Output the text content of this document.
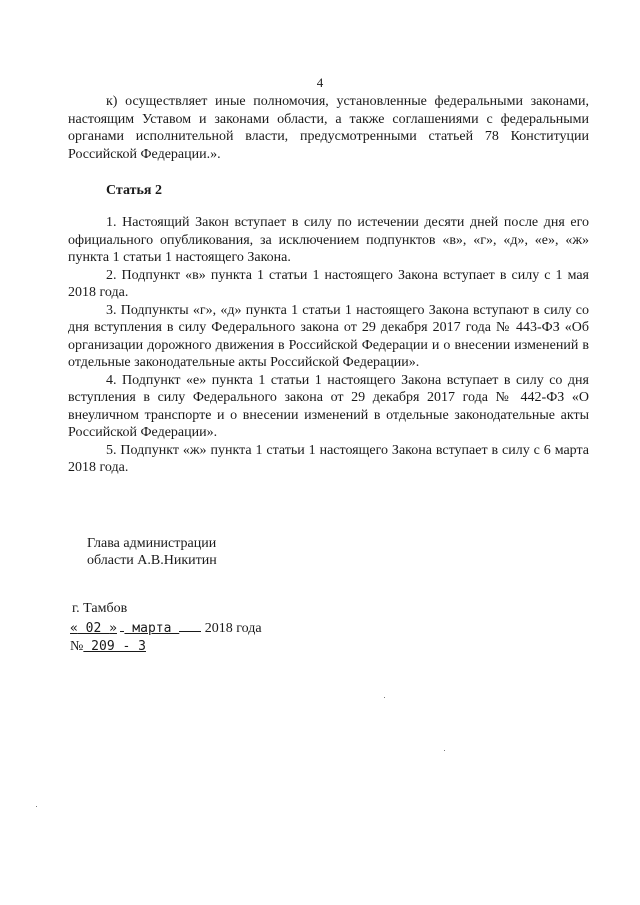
4

к) осуществляет иные полномочия, установленные федеральными законами, настоящим Уставом и законами области, а также соглашениями с федеральными органами исполнительной власти, предусмотренными статьей 78 Конституции Российской Федерации.».

Статья 2

1. Настоящий Закон вступает в силу по истечении десяти дней после дня его официального опубликования, за исключением подпунктов «в», «г», «д», «е», «ж» пункта 1 статьи 1 настоящего Закона.

2. Подпункт «в» пункта 1 статьи 1 настоящего Закона вступает в силу с 1 мая 2018 года.

3. Подпункты «г», «д» пункта 1 статьи 1 настоящего Закона вступают в силу со дня вступления в силу Федерального закона от 29 декабря 2017 года № 443-ФЗ «Об организации дорожного движения в Российской Федерации и о внесении изменений в отдельные законодательные акты Российской Федерации».

4. Подпункт «е» пункта 1 статьи 1 настоящего Закона вступает в силу со дня вступления в силу Федерального закона от 29 декабря 2017 года № 442-ФЗ «О внеуличном транспорте и о внесении изменений в отдельные законодательные акты Российской Федерации».

5. Подпункт «ж» пункта 1 статьи 1 настоящего Закона вступает в силу с 6 марта 2018 года.

Глава администрации
области А.В.Никитин
г. Тамбов
« 02 »  марта  2018 года
№ 209 - 3
